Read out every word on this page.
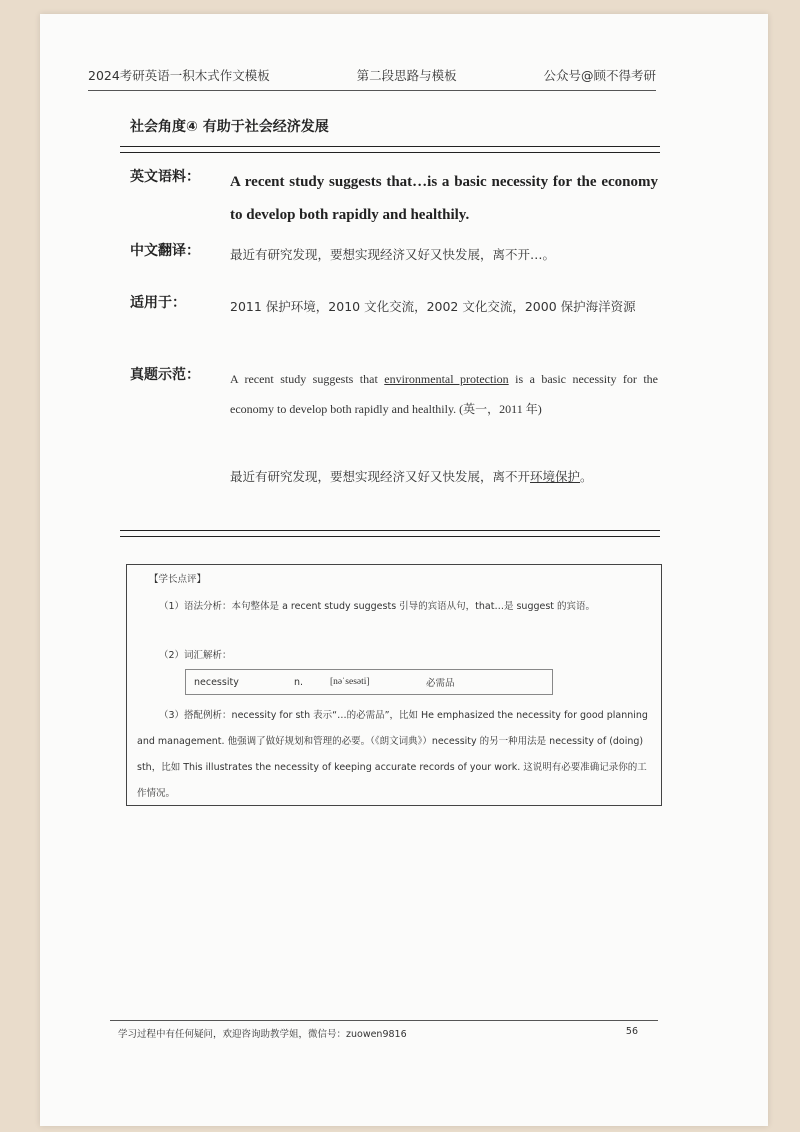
2024考研英语一积木式作文模板	第二段思路与模板	公众号@顾不得考研
社会角度④ 有助于社会经济发展
英文语料：	A recent study suggests that…is a basic necessity for the economy to develop both rapidly and healthily.
中文翻译：	最近有研究发现，要想实现经济又好又快发展，离不开…。
适用于：	2011 保护环境，2010 文化交流，2002 文化交流，2000 保护海洋资源
真题示范：	A recent study suggests that environmental protection is a basic necessity for the economy to develop both rapidly and healthily. (英一，2011 年)
最近有研究发现，要想实现经济又好又快发展，离不开环境保护。
【学长点评】
（1）语法分析：本句整体是 a recent study suggests 引导的宾语从句，that…是 suggest 的宾语。
（2）词汇解析：
necessity	n.	[nəˈsesəti]	必需品
（3）搭配例析：necessity for sth 表示“…的必需品”，比如 He emphasized the necessity for good planning and management. 他强调了做好规划和管理的必要。（《朗文词典》）necessity 的另一种用法是 necessity of (doing) sth，比如 This illustrates the necessity of keeping accurate records of your work. 这说明有必要准确记录你的工作情况。
学习过程中有任何疑问，欢迎咨询助教学姐，微信号：zuowen9816	56
